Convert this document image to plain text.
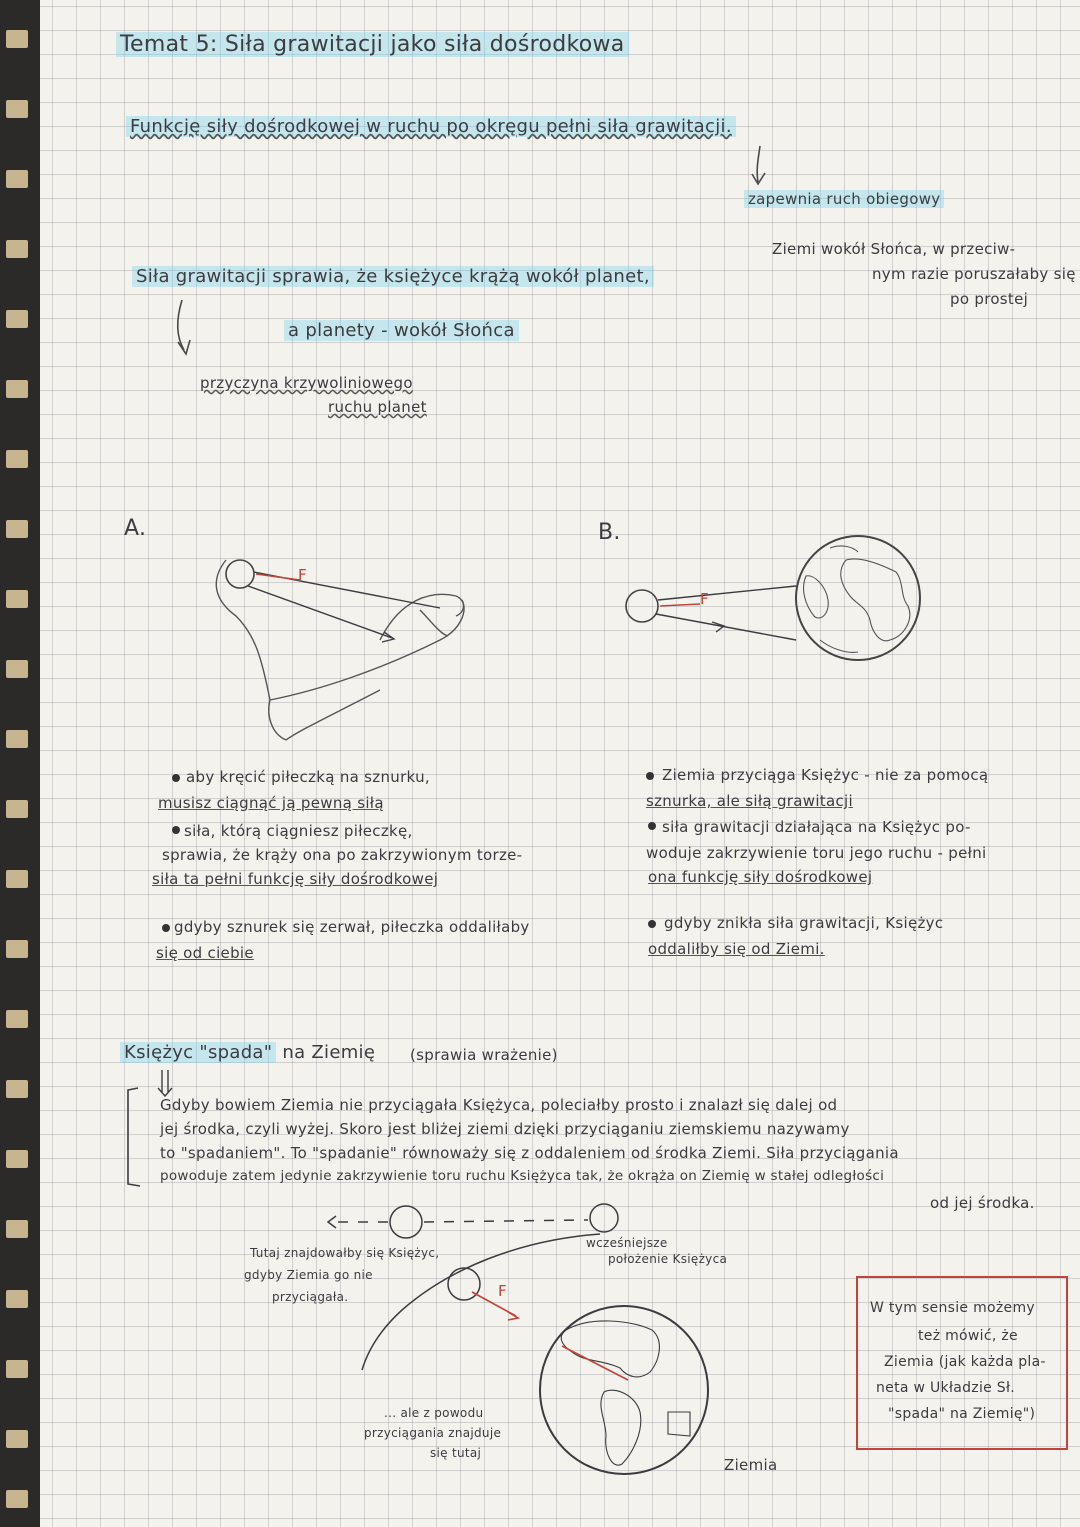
Temat 5: Siła grawitacji jako siła dośrodkowa
Funkcję siły dośrodkowej w ruchu po okręgu pełni siła grawitacji.
zapewnia ruch obiegowy
Ziemi wokół Słońca, w przeciw-
nym razie poruszałaby się
po prostej
Siła grawitacji sprawia, że księżyce krążą wokół planet,
a planety - wokół Słońca
przyczyna krzywoliniowego
ruchu planet
A.	B.
F
F
aby kręcić piłeczką na sznurku,
musisz ciągnąć ją pewną siłą
siła, którą ciągniesz piłeczkę,
sprawia, że krąży ona po zakrzywionym torze-
siła ta pełni funkcję siły dośrodkowej
gdyby sznurek się zerwał, piłeczka oddaliłaby
się od ciebie
Ziemia przyciąga Księżyc - nie za pomocą
sznurka, ale siłą grawitacji
siła grawitacji działająca na Księżyc po-
woduje zakrzywienie toru jego ruchu - pełni
ona funkcję siły dośrodkowej
gdyby znikła siła grawitacji, Księżyc
oddaliłby się od Ziemi.
Księżyc "spada" na Ziemię (sprawia wrażenie)
Gdyby bowiem Ziemia nie przyciągała Księżyca, poleciałby prosto i znalazł się dalej od
jej środka, czyli wyżej. Skoro jest bliżej ziemi dzięki przyciąganiu ziemskiemu nazywamy
to "spadaniem". To "spadanie" równoważy się z oddaleniem od środka Ziemi. Siła przyciągania
powoduje zatem jedynie zakrzywienie toru ruchu Księżyca tak, że okrąża on Ziemię w stałej odległości
od jej środka.
Tutaj znajdowałby się Księżyc,
gdyby Ziemia go nie
przyciągała.
wcześniejsze
położenie Księżyca
... ale z powodu
przyciągania znajduje
się tutaj
Ziemia
F
W tym sensie możemy
też mówić, że
Ziemia (jak każda pla-
neta w Układzie Sł.
"spada" na Ziemię")
